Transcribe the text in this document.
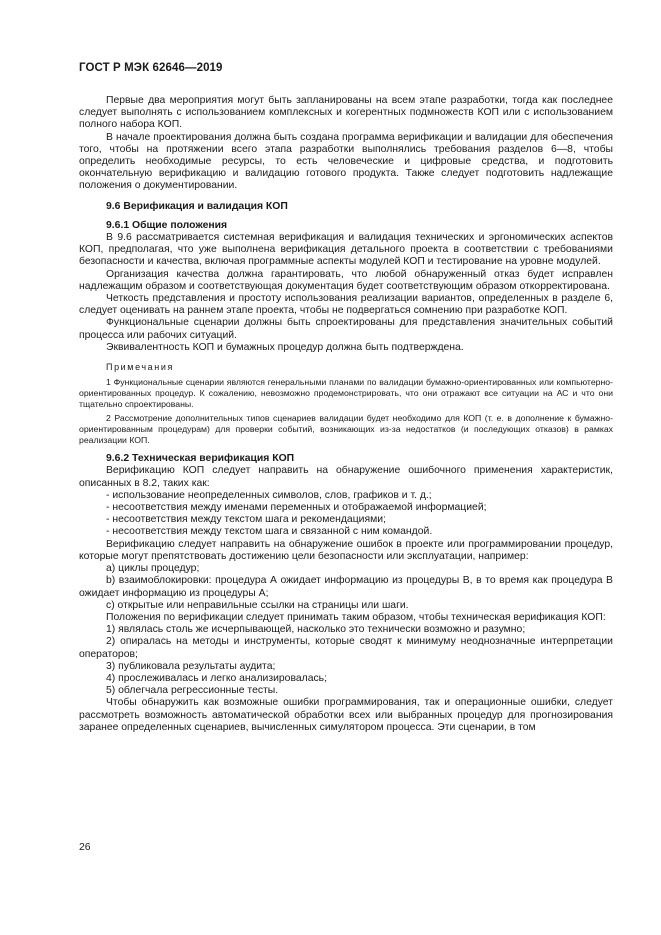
ГОСТ Р МЭК 62646—2019

Первые два мероприятия могут быть запланированы на всем этапе разработки, тогда как последнее следует выполнять с использованием комплексных и когерентных подмножеств КОП или с использованием полного набора КОП.

В начале проектирования должна быть создана программа верификации и валидации для обеспечения того, чтобы на протяжении всего этапа разработки выполнялись требования разделов 6—8, чтобы определить необходимые ресурсы, то есть человеческие и цифровые средства, и подготовить окончательную верификацию и валидацию готового продукта. Также следует подготовить надлежащие положения о документировании.

9.6 Верификация и валидация КОП
9.6.1 Общие положения

В 9.6 рассматривается системная верификация и валидация технических и эргономических аспектов КОП, предполагая, что уже выполнена верификация детального проекта в соответствии с требованиями безопасности и качества, включая программные аспекты модулей КОП и тестирование на уровне модулей.

Организация качества должна гарантировать, что любой обнаруженный отказ будет исправлен надлежащим образом и соответствующая документация будет соответствующим образом откорректирована.

Четкость представления и простоту использования реализации вариантов, определенных в разделе 6, следует оценивать на раннем этапе проекта, чтобы не подвергаться сомнению при разработке КОП.

Функциональные сценарии должны быть спроектированы для представления значительных событий процесса или рабочих ситуаций.

Эквивалентность КОП и бумажных процедур должна быть подтверждена.

Примечания
1 Функциональные сценарии являются генеральными планами по валидации бумажно-ориентированных или компьютерно-ориентированных процедур. К сожалению, невозможно продемонстрировать, что они отражают все ситуации на АС и что они тщательно спроектированы.
2 Рассмотрение дополнительных типов сценариев валидации будет необходимо для КОП (т. е. в дополнение к бумажно-ориентированным процедурам) для проверки событий, возникающих из-за недостатков (и последующих отказов) в рамках реализации КОП.
9.6.2 Техническая верификация КОП

Верификацию КОП следует направить на обнаружение ошибочного применения характеристик, описанных в 8.2, таких как:

- использование неопределенных символов, слов, графиков и т. д.;

- несоответствия между именами переменных и отображаемой информацией;

- несоответствия между текстом шага и рекомендациями;

- несоответствия между текстом шага и связанной с ним командой.

Верификацию следует направить на обнаружение ошибок в проекте или программировании процедур, которые могут препятствовать достижению цели безопасности или эксплуатации, например:

а) циклы процедур;

b) взаимоблокировки: процедура А ожидает информацию из процедуры В, в то время как процедура В ожидает информацию из процедуры А;

с) открытые или неправильные ссылки на страницы или шаги.

Положения по верификации следует принимать таким образом, чтобы техническая верификация КОП:

1) являлась столь же исчерпывающей, насколько это технически возможно и разумно;

2) опиралась на методы и инструменты, которые сводят к минимуму неоднозначные интерпретации операторов;

3) публиковала результаты аудита;

4) прослеживалась и легко анализировалась;

5) облегчала регрессионные тесты.

Чтобы обнаружить как возможные ошибки программирования, так и операционные ошибки, следует рассмотреть возможность автоматической обработки всех или выбранных процедур для прогнозирования заранее определенных сценариев, вычисленных симулятором процесса. Эти сценарии, в том

26
